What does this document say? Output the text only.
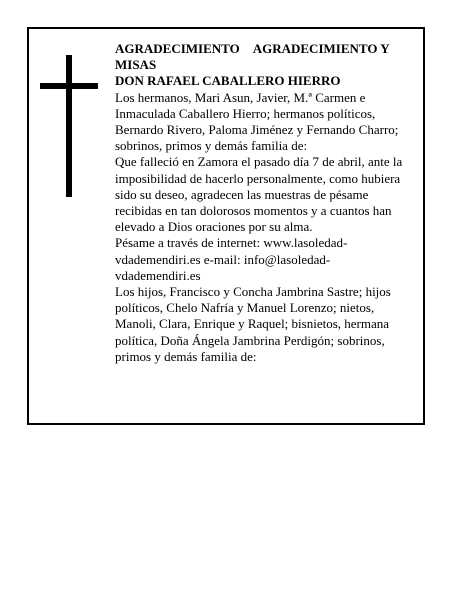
AGRADECIMIENTO    AGRADECIMIENTO Y MISAS

DON RAFAEL CABALLERO HIERRO

Los hermanos, Mari Asun, Javier, M.ª Carmen e Inmaculada Caballero Hierro; hermanos políticos, Bernardo Rivero, Paloma Jiménez y Fernando Charro; sobrinos, primos y demás familia de:

Que falleció en Zamora el pasado día 7 de abril, ante la imposibilidad de hacerlo personalmente, como hubiera sido su deseo, agradecen las muestras de pésame recibidas en tan dolorosos momentos y a cuantos han elevado a Dios oraciones por su alma.

Pésame a través de internet: www.lasoledad-vdademendiri.es e-mail: info@lasoledad-vdademendiri.es

Los hijos, Francisco y Concha Jambrina Sastre; hijos políticos, Chelo Nafría y Manuel Lorenzo; nietos, Manoli, Clara, Enrique y Raquel; bisnietos, hermana política, Doña Ángela Jambrina Perdigón; sobrinos, primos y demás familia de:
